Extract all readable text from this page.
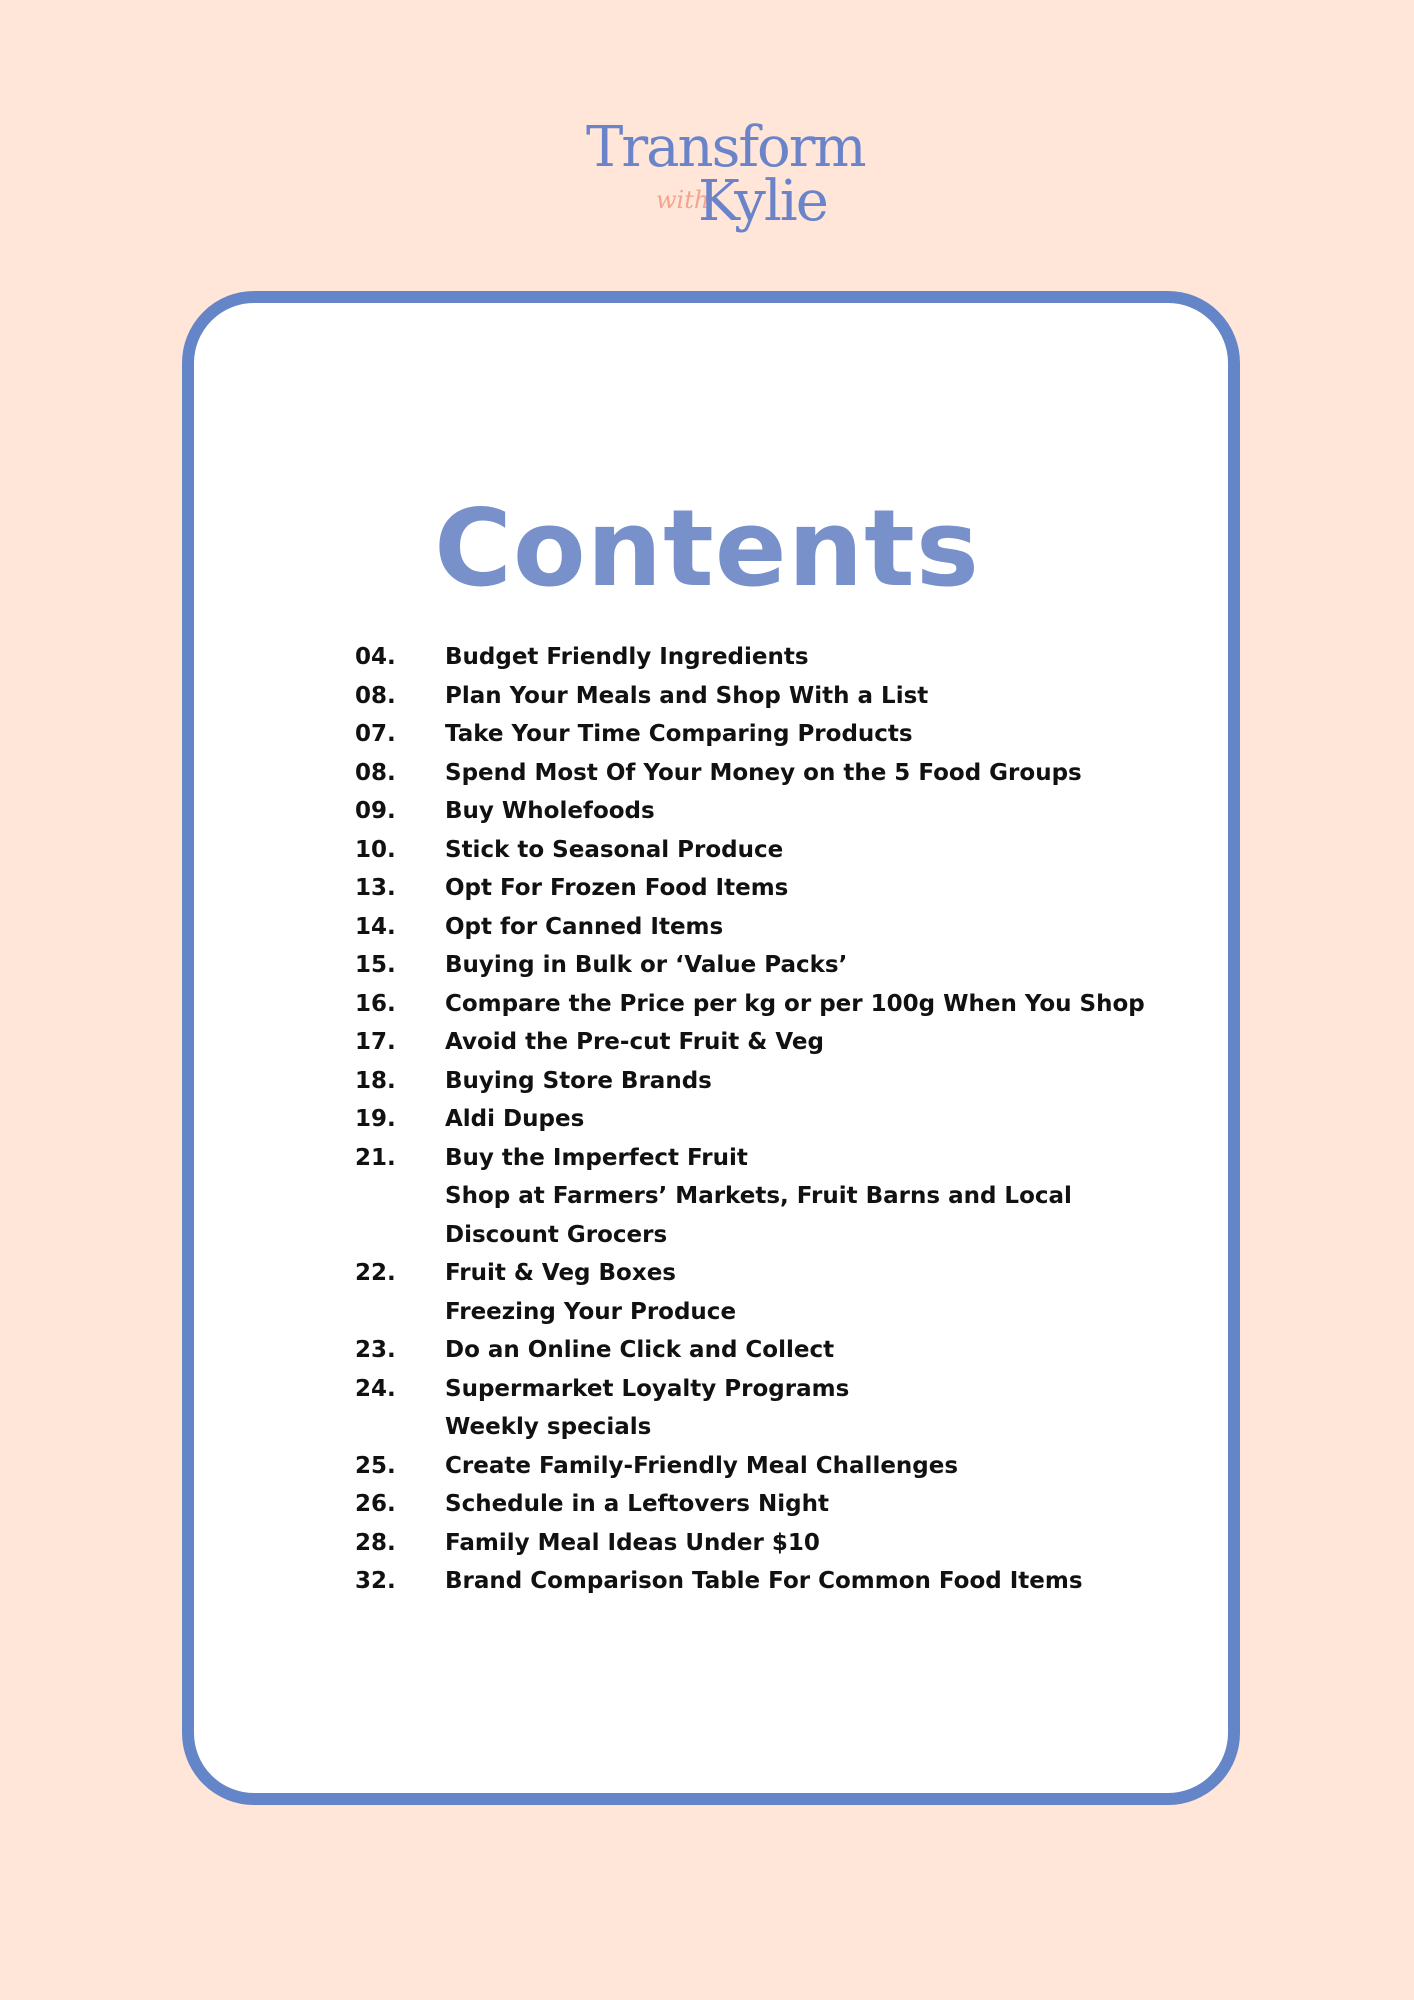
Transform
with
Kylie
Contents
04.	Budget Friendly Ingredients
08.	Plan Your Meals and Shop With a List
07.	Take Your Time Comparing Products
08.	Spend Most Of Your Money on the 5 Food Groups
09.	Buy Wholefoods
10.	Stick to Seasonal Produce
13.	Opt For Frozen Food Items
14.	Opt for Canned Items
15.	Buying in Bulk or ‘Value Packs’
16.	Compare the Price per kg or per 100g When You Shop
17.	Avoid the Pre-cut Fruit & Veg
18.	Buying Store Brands
19.	Aldi Dupes
21.	Buy the Imperfect Fruit
Shop at Farmers’ Markets, Fruit Barns and Local
Discount Grocers
22.	Fruit & Veg Boxes
Freezing Your Produce
23.	Do an Online Click and Collect
24.	Supermarket Loyalty Programs
Weekly specials
25.	Create Family-Friendly Meal Challenges
26.	Schedule in a Leftovers Night
28.	Family Meal Ideas Under $10
32.	Brand Comparison Table For Common Food Items
